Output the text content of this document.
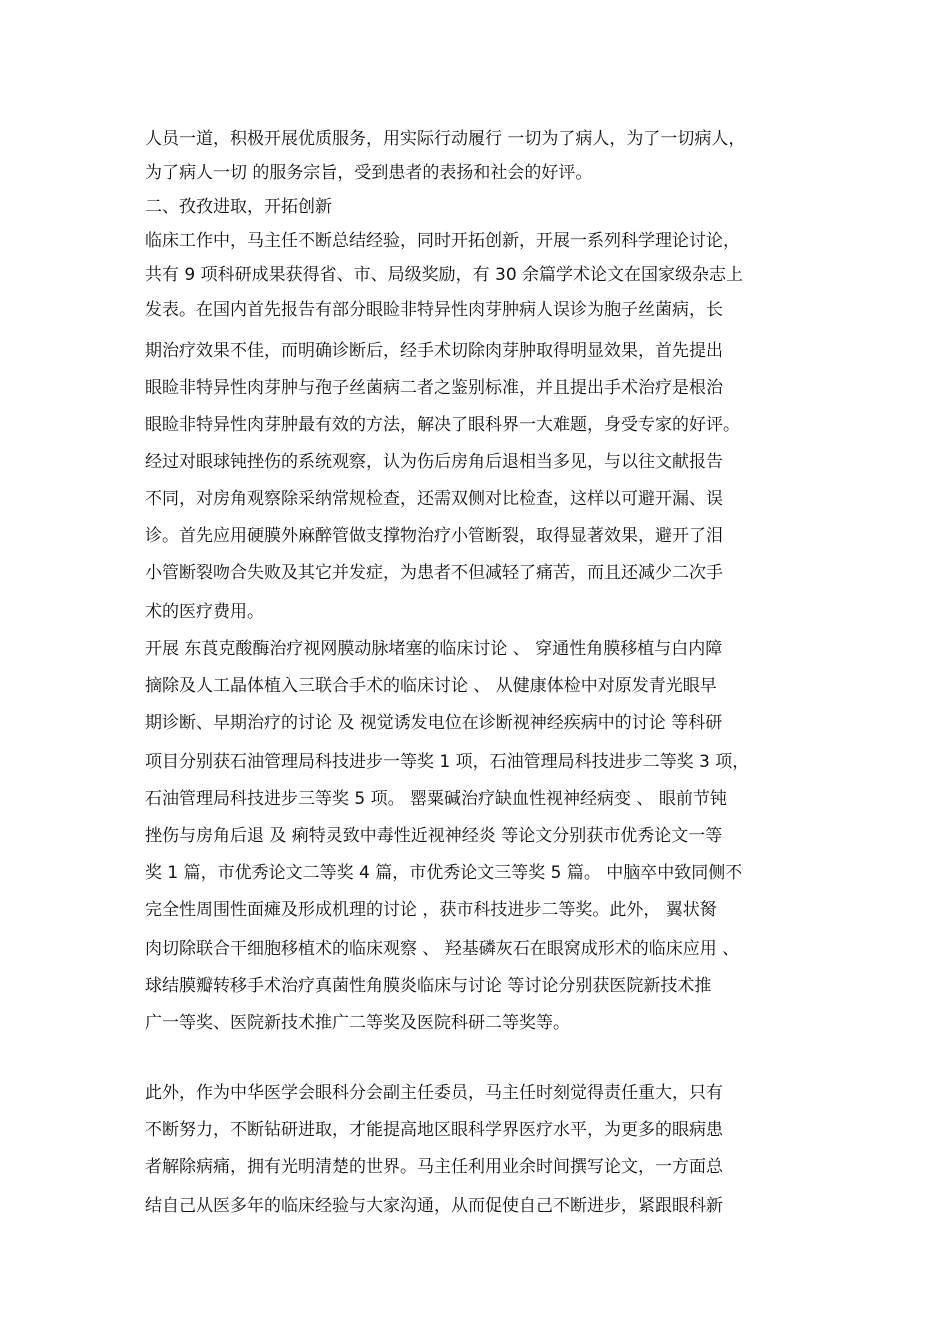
人员一道，积极开展优质服务，用实际行动履行 一切为了病人，为了一切病人，
为了病人一切 的服务宗旨，受到患者的表扬和社会的好评。
二、孜孜进取，开拓创新
临床工作中，马主任不断总结经验，同时开拓创新，开展一系列科学理论讨论，
共有 9 项科研成果获得省、市、局级奖励，有 30 余篇学术论文在国家级杂志上
发表。在国内首先报告有部分眼睑非特异性肉芽肿病人误诊为胞子丝菌病，长
期治疗效果不佳，而明确诊断后，经手术切除肉芽肿取得明显效果，首先提出
眼睑非特异性肉芽肿与孢子丝菌病二者之鉴别标准，并且提出手术治疗是根治
眼睑非特异性肉芽肿最有效的方法，解决了眼科界一大难题，身受专家的好评。
经过对眼球钝挫伤的系统观察，认为伤后房角后退相当多见，与以往文献报告
不同，对房角观察除采纳常规检查，还需双侧对比检查，这样以可避开漏、误
诊。首先应用硬膜外麻醉管做支撑物治疗小管断裂，取得显著效果，避开了泪
小管断裂吻合失败及其它并发症，为患者不但减轻了痛苦，而且还减少二次手
术的医疗费用。
开展 东莨克酸酶治疗视网膜动脉堵塞的临床讨论 、 穿通性角膜移植与白内障
摘除及人工晶体植入三联合手术的临床讨论 、 从健康体检中对原发青光眼早
期诊断、早期治疗的讨论 及 视觉诱发电位在诊断视神经疾病中的讨论 等科研
项目分别获石油管理局科技进步一等奖 1 项，石油管理局科技进步二等奖 3 项，
石油管理局科技进步三等奖 5 项。 罂粟碱治疗缺血性视神经病变 、 眼前节钝
挫伤与房角后退 及 痢特灵致中毒性近视神经炎 等论文分别获市优秀论文一等
奖 1 篇，市优秀论文二等奖 4 篇，市优秀论文三等奖 5 篇。 中脑卒中致同侧不
完全性周围性面瘫及形成机理的讨论 ，获市科技进步二等奖。此外， 翼状胬
肉切除联合干细胞移植术的临床观察 、 羟基磷灰石在眼窝成形术的临床应用 、
球结膜瓣转移手术治疗真菌性角膜炎临床与讨论 等讨论分别获医院新技术推
广一等奖、医院新技术推广二等奖及医院科研二等奖等。
此外，作为中华医学会眼科分会副主任委员，马主任时刻觉得责任重大，只有
不断努力，不断钻研进取，才能提高地区眼科学界医疗水平，为更多的眼病患
者解除病痛，拥有光明清楚的世界。马主任利用业余时间撰写论文，一方面总
结自己从医多年的临床经验与大家沟通，从而促使自己不断进步，紧跟眼科新
